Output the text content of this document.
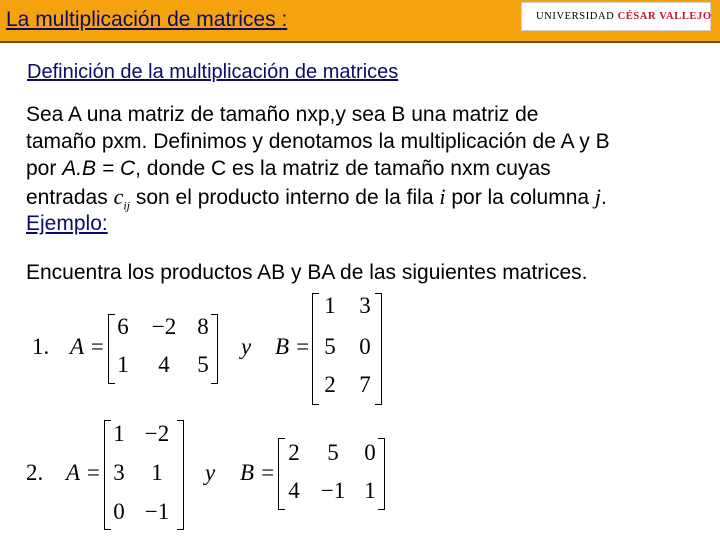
La multiplicación de matrices :	UNIVERSIDAD CÉSAR VALLEJO
Definición de la multiplicación de matrices
Sea A una matriz de tamaño nxp,y sea B una matriz de
tamaño pxm. Definimos y denotamos la multiplicación de A y B
por A.B = C, donde C es la matriz de tamaño nxm cuyas
entradas $c_{ij}$ son el producto interno de la fila i por la columna j.
Ejemplo:
Encuentra los productos AB y BA de las siguientes matrices.
1. A =
6	−2 8
1	4	5
y B =
1	3
5	0
2	7
2. A =
1 −2
3	1
0 −1
y B =
2	5	0
4 −1 1
